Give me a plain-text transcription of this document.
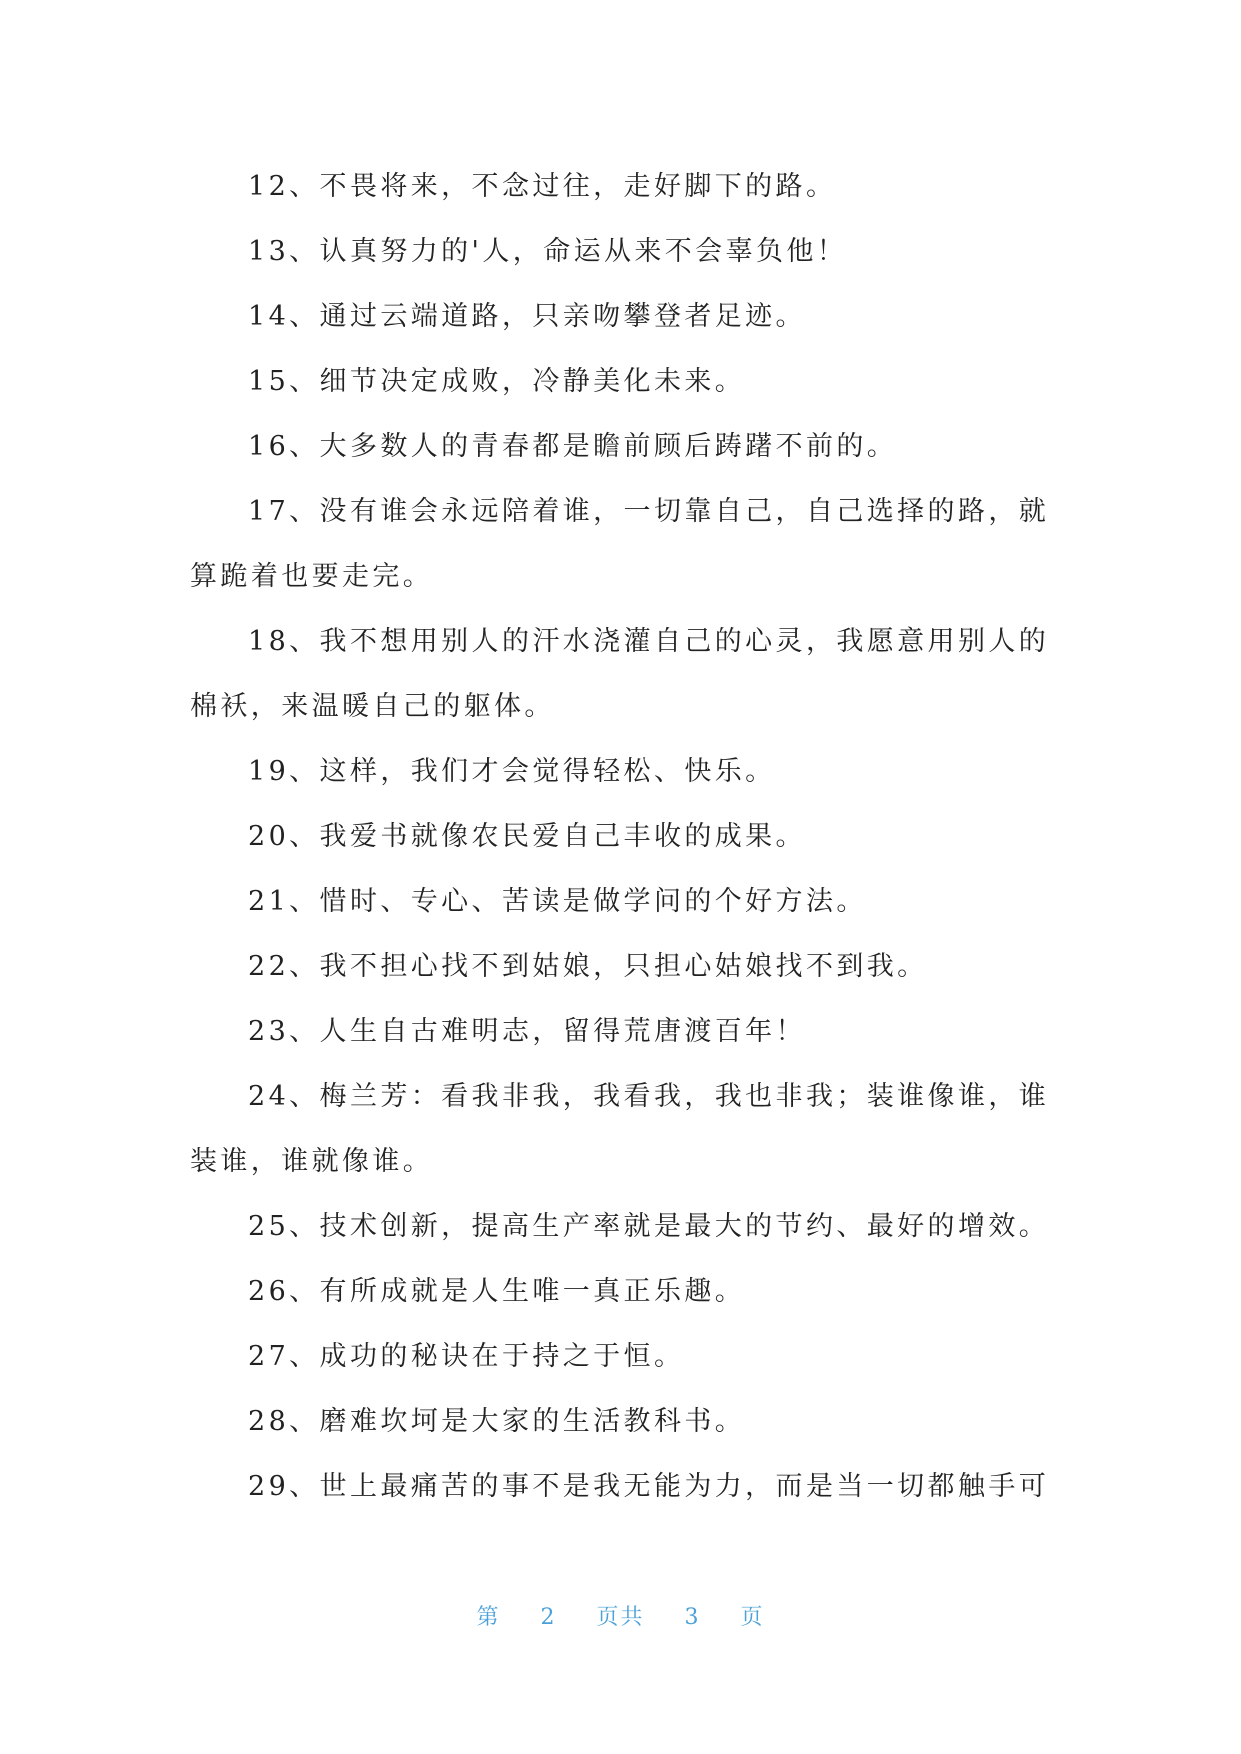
12、不畏将来，不念过往，走好脚下的路。

13、认真努力的'人，命运从来不会辜负他！

14、通过云端道路，只亲吻攀登者足迹。

15、细节决定成败，冷静美化未来。

16、大多数人的青春都是瞻前顾后踌躇不前的。

17、没有谁会永远陪着谁，一切靠自己，自己选择的路，就算跪着也要走完。

18、我不想用别人的汗水浇灌自己的心灵，我愿意用别人的棉袄，来温暖自己的躯体。

19、这样，我们才会觉得轻松、快乐。

20、我爱书就像农民爱自己丰收的成果。

21、惜时、专心、苦读是做学问的个好方法。

22、我不担心找不到姑娘，只担心姑娘找不到我。

23、人生自古难明志，留得荒唐渡百年！

24、梅兰芳：看我非我，我看我，我也非我；装谁像谁，谁装谁，谁就像谁。

25、技术创新，提高生产率就是最大的节约、最好的增效。

26、有所成就是人生唯一真正乐趣。

27、成功的秘诀在于持之于恒。

28、磨难坎坷是大家的生活教科书。

29、世上最痛苦的事不是我无能为力，而是当一切都触手可

第 2 页共 3 页
